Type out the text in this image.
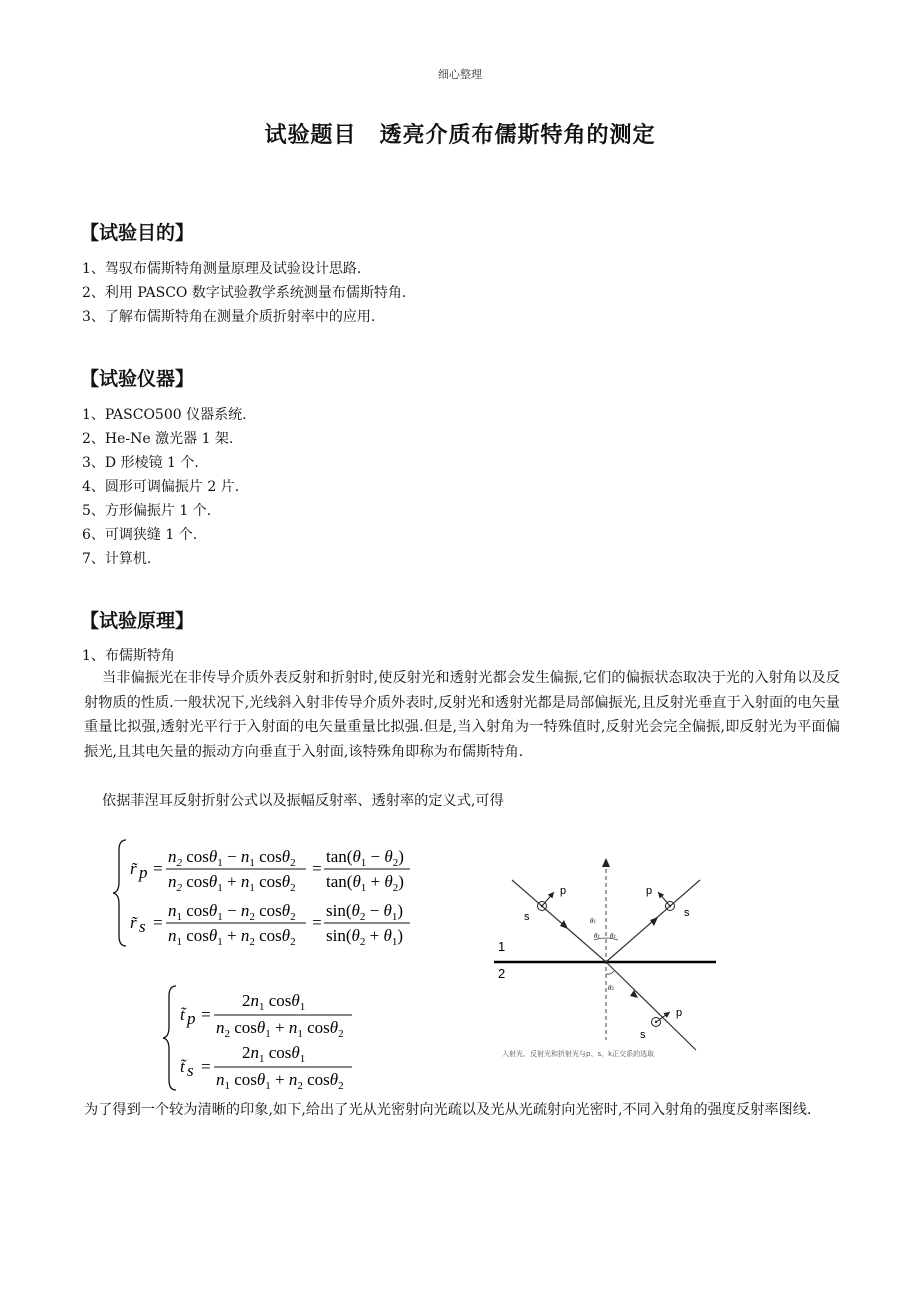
细心整理
试验题目　透亮介质布儒斯特角的测定
【试验目的】
1、驾驭布儒斯特角测量原理及试验设计思路.
2、利用 PASCO 数字试验教学系统测量布儒斯特角.
3、了解布儒斯特角在测量介质折射率中的应用.
【试验仪器】
1、PASCO500 仪器系统.
2、He-Ne 激光器 1 架.
3、D 形棱镜 1 个.
4、圆形可调偏振片 2 片.
5、方形偏振片 1 个.
6、可调狭缝 1 个.
7、计算机.
【试验原理】
1、布儒斯特角
当非偏振光在非传导介质外表反射和折射时,使反射光和透射光都会发生偏振,它们的偏振状态取决于光的入射角以及反射物质的性质.一般状况下,光线斜入射非传导介质外表时,反射光和透射光都是局部偏振光,且反射光垂直于入射面的电矢量重量比拟强,透射光平行于入射面的电矢量重量比拟强.但是,当入射角为一特殊值时,反射光会完全偏振,即反射光为平面偏振光,且其电矢量的振动方向垂直于入射面,该特殊角即称为布儒斯特角.
依据菲涅耳反射折射公式以及振幅反射率、透射率的定义式,可得
r̃ p =
$n_2$ $\cos\theta_1 - n_1$ cosθ$_2$
$n_2$ $\cos\theta_1 + n_1$ cosθ$_2$
=
$\tan(\theta_1 - \theta_2)$
$\tan(\theta_1 + \theta_2)$
r̃ s =
$n_1$ $\cos\theta_1 - n_2$ cosθ$_2$
$n_1$ $\cos\theta_1 + n_2$ cosθ$_2$
=
$\sin(\theta_2 - \theta_1)$
$\sin(\theta_2 + \theta_1)$
t̃ p =
$2n_1$ cosθ$_1$
$n_2$ $\cos\theta_1 + n_1$ cosθ$_2$
t̃ s =
$2n_1$ cosθ$_1$
$n_1$ $\cos\theta_1 + n_2$ cosθ$_2$
1
2
p
s
p
s
p
s
θ1
θ1 θ1
θ2
入射光、反射光和折射光与p、s、k正交系的选取
为了得到一个较为清晰的印象,如下,给出了光从光密射向光疏以及光从光疏射向光密时,不同入射角的强度反射率图线.
